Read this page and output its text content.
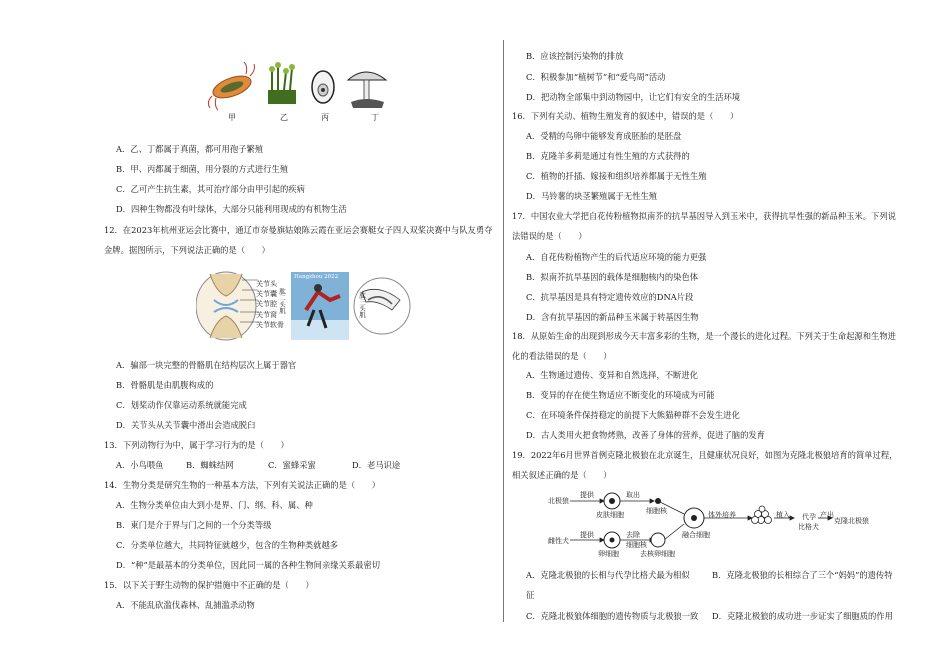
甲	乙	丙	丁
A．乙、丁都属于真菌，都可用孢子繁殖
B．甲、丙都属于细菌，用分裂的方式进行生殖
C．乙可产生抗生素，其可治疗部分由甲引起的疾病
D．四种生物都没有叶绿体，大部分只能利用现成的有机物生活
12．在2023年杭州亚运会比赛中，通辽市奈曼旗姑娘陈云霞在亚运会赛艇女子四人双桨决赛中与队友勇夺
金牌。据图所示，下列说法正确的是（　　）
关节头
关节囊
关节腔
关节窝
关节软骨
肱二头肌	肱三头肌
Hangzhou 2022
A．骗部一块完整的骨骼肌在结构层次上属于器官
B．骨骼肌是由肌腹构成的
C．划桨动作仅靠运动系统就能完成
D．关节头从关节囊中滑出会造成脱臼
13．下列动物行为中，属于学习行为的是（　　）
A．小鸟喂鱼	B．蜘蛛结网	C．蜜蜂采蜜	D．老马识途
14．生物分类是研究生物的一种基本方法，下列有关说法正确的是（　　）
A．生物分类单位由大到小是界、门、纲、科、属、种
B．東门是介于界与门之间的一个分类等级
C．分类单位越大，共同特征就越少，包含的生物种类就越多
D．“种”是最基本的分类单位，因此同一属的各种生物间亲缘关系最密切
15．以下关于野生动物的保护措施中不正确的是（　　）
A．不能乱砍滥伐森林、乱捕滥杀动物
B．应该控制污染物的排放
C．积极参加“植树节”和“爱鸟周”活动
D．把动物全部集中到动物园中，让它们有安全的生活环境
16．下列有关动、植物生殖发育的叙述中，错误的是（　　）
A．受精的鸟卵中能够发育成胚胎的是胚盘
B．克隆羊多莉是通过有性生殖的方式获得的
C．植物的扦插、嫁接和组织培养都属于无性生殖
D．马铃薯的块茎繁殖属于无性生殖
17．中国农业大学把自花传粉植物拟南芥的抗旱基因导入到玉米中，获得抗旱性强的新品种玉米。下列说
法错误的是（　　）
A．自花传粉植物产生的后代适应环境的能力更强
B．拟南芥抗旱基因的载体是细胞核内的染色体
C．抗旱基因是具有特定遗传效应的DNA片段
D．含有抗旱基因的新品种玉米属于转基因生物
18．从原始生命的出现到形成今天丰富多彩的生物，是一个漫长的进化过程。下列关于生命起源和生物进
化的看法错误的是（　　）
A．生物通过遗传、变异和自然选择，不断进化
B．变异的存在使生物适应不断变化的环境成为可能
C．在环境条件保持稳定的前提下大熊猫种群不会发生进化
D．古人类用火把食物烤熟，改善了身体的营养，促进了脑的发育
19．2022年6月世界首例克隆北极狼在北京诞生，且健康状况良好，如图为克隆北极狼培育的简单过程，
相关叙述正确的是（　　）
北极狼
提供	取出
皮肤细胞	细胞核
雌性犬
提供	去除
细胞核
卵细胞	去核卵细胞
融合细胞
体外培养	植入 代孕
比格犬
产出
克隆北极狼
A．克隆北极狼的长相与代孕比格犬最为相似	B．克隆北极狼的长相综合了三个“妈妈”的遗传特
征
C．克隆北极狼体细胞的遗传物质与北极狼一致 D．克隆北极狼的成功进一步证实了细胞质的作用
